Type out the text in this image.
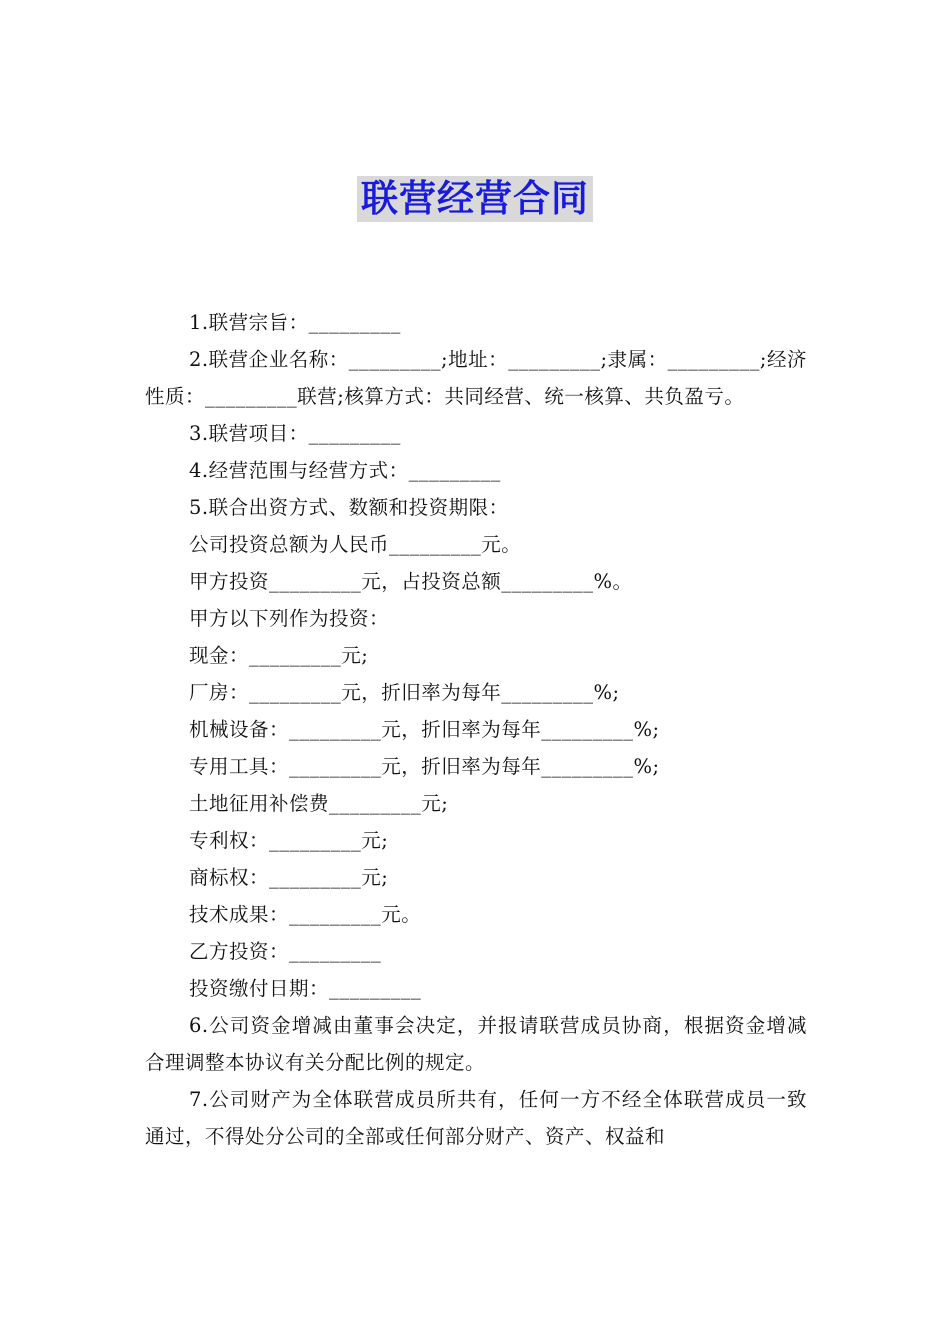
联营经营合同

1.联营宗旨：_________

2.联营企业名称：_________;地址：_________;隶属：_________;经济性质：_________联营;核算方式：共同经营、统一核算、共负盈亏。

3.联营项目：_________

4.经营范围与经营方式：_________

5.联合出资方式、数额和投资期限：

公司投资总额为人民币_________元。

甲方投资_________元，占投资总额_________%。

甲方以下列作为投资：

现金：_________元;

厂房：_________元，折旧率为每年_________%;

机械设备：_________元，折旧率为每年_________%;

专用工具：_________元，折旧率为每年_________%;

土地征用补偿费_________元;

专利权：_________元;

商标权：_________元;

技术成果：_________元。

乙方投资：_________

投资缴付日期：_________

6.公司资金增减由董事会决定，并报请联营成员协商，根据资金增减合理调整本协议有关分配比例的规定。

7.公司财产为全体联营成员所共有，任何一方不经全体联营成员一致通过，不得处分公司的全部或任何部分财产、资产、权益和
